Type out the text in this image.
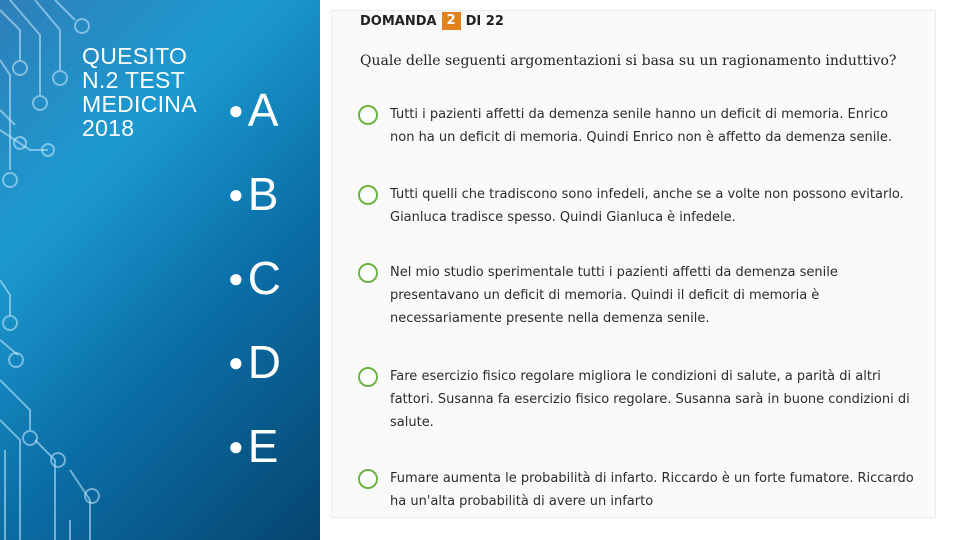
QUESITO
N.2 TEST
MEDICINA
2018
● A
● B
● C
● D
● E
DOMANDA 2 DI 22
Quale delle seguenti argomentazioni si basa su un ragionamento induttivo?
Tutti i pazienti affetti da demenza senile hanno un deficit di memoria. Enrico non ha un deficit di memoria. Quindi Enrico non è affetto da demenza senile.
Tutti quelli che tradiscono sono infedeli, anche se a volte non possono evitarlo. Gianluca tradisce spesso. Quindi Gianluca è infedele.
Nel mio studio sperimentale tutti i pazienti affetti da demenza senile presentavano un deficit di memoria. Quindi il deficit di memoria è necessariamente presente nella demenza senile.
Fare esercizio fisico regolare migliora le condizioni di salute, a parità di altri fattori. Susanna fa esercizio fisico regolare. Susanna sarà in buone condizioni di salute.
Fumare aumenta le probabilità di infarto. Riccardo è un forte fumatore. Riccardo ha un'alta probabilità di avere un infarto
